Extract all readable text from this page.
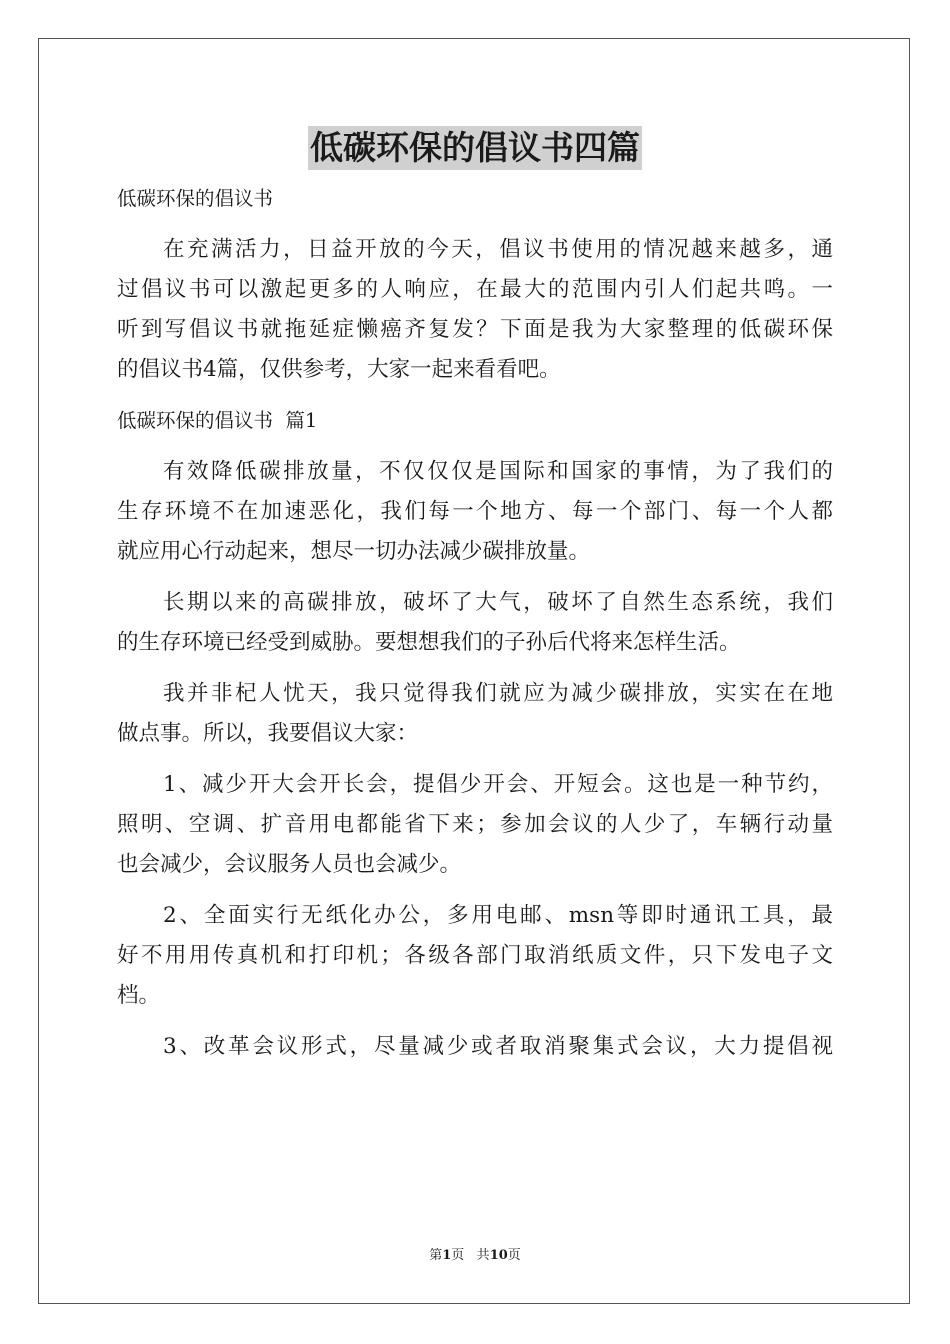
低碳环保的倡议书四篇
低碳环保的倡议书
在充满活力，日益开放的今天，倡议书使用的情况越来越多，通
过倡议书可以激起更多的人响应，在最大的范围内引人们起共鸣。一
听到写倡议书就拖延症懒癌齐复发？下面是我为大家整理的低碳环保
的倡议书4篇，仅供参考，大家一起来看看吧。
低碳环保的倡议书  篇1
有效降低碳排放量，不仅仅仅是国际和国家的事情，为了我们的
生存环境不在加速恶化，我们每一个地方、每一个部门、每一个人都
就应用心行动起来，想尽一切办法减少碳排放量。
长期以来的高碳排放，破坏了大气，破坏了自然生态系统，我们
的生存环境已经受到威胁。要想想我们的子孙后代将来怎样生活。
我并非杞人忧天，我只觉得我们就应为减少碳排放，实实在在地
做点事。所以，我要倡议大家：
1、减少开大会开长会，提倡少开会、开短会。这也是一种节约，
照明、空调、扩音用电都能省下来；参加会议的人少了，车辆行动量
也会减少，会议服务人员也会减少。
2、全面实行无纸化办公，多用电邮、msn等即时通讯工具，最
好不用用传真机和打印机；各级各部门取消纸质文件，只下发电子文
档。
3、改革会议形式，尽量减少或者取消聚集式会议，大力提倡视
第1页 共10页
